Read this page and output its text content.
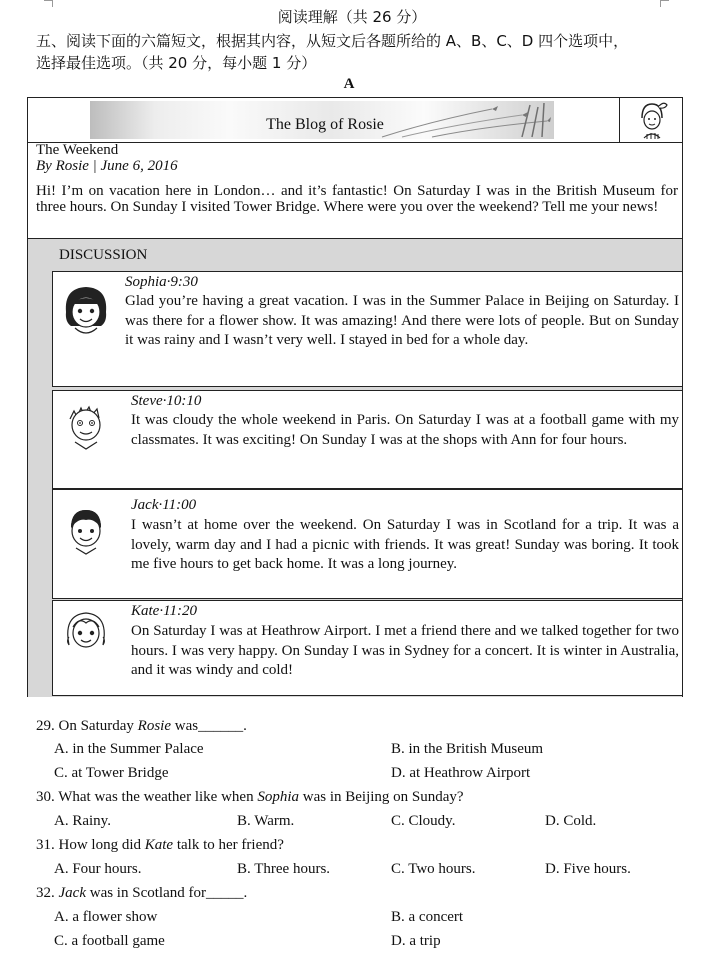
阅读理解（共 26 分）
五、阅读下面的六篇短文，根据其内容，从短文后各题所给的 A、B、C、D 四个选项中，
选择最佳选项。（共 20 分，每小题 1 分）
A
The Blog of Rosie
The Weekend
By Rosie | June 6, 2016
Hi! I’m on vacation here in London… and it’s fantastic! On Saturday I was in the British Museum for three hours. On Sunday I visited Tower Bridge. Where were you over the weekend? Tell me your news!
DISCUSSION
Sophia·9:30
Glad you’re having a great vacation. I was in the Summer Palace in Beijing on Saturday. I was there for a flower show. It was amazing! And there were lots of people. But on Sunday it was rainy and I wasn’t very well. I stayed in bed for a whole day.
Steve·10:10
It was cloudy the whole weekend in Paris. On Saturday I was at a football game with my classmates. It was exciting! On Sunday I was at the shops with Ann for four hours.
Jack·11:00
I wasn’t at home over the weekend. On Saturday I was in Scotland for a trip. It was a lovely, warm day and I had a picnic with friends. It was great! Sunday was boring. It took me five hours to get back home. It was a long journey.
Kate·11:20
On Saturday I was at Heathrow Airport. I met a friend there and we talked together for two hours. I was very happy. On Sunday I was in Sydney for a concert. It is winter in Australia, and it was windy and cold!
29. On Saturday Rosie was______.
A. in the Summer Palace	B. in the British Museum
C. at Tower Bridge	D. at Heathrow Airport
30. What was the weather like when Sophia was in Beijing on Sunday?
A. Rainy.	B. Warm.	C. Cloudy.	D. Cold.
31. How long did Kate talk to her friend?
A. Four hours.	B. Three hours.	C. Two hours.	D. Five hours.
32. Jack was in Scotland for_____.
A. a flower show	B. a concert
C. a football game	D. a trip
